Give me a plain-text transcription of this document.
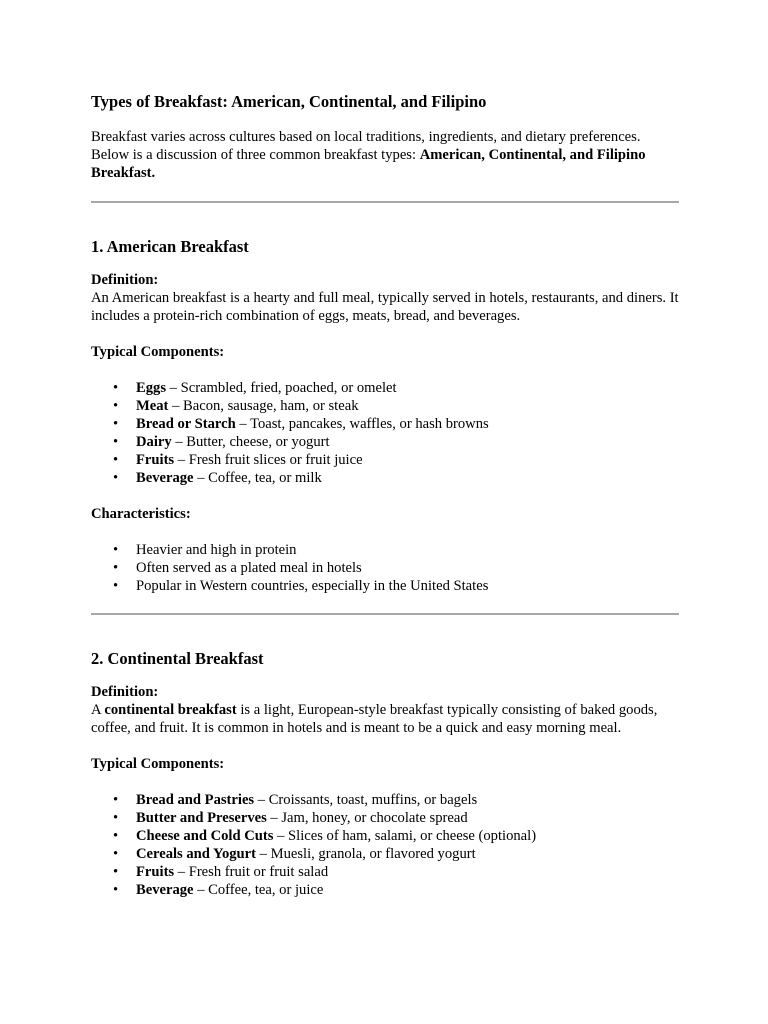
Types of Breakfast: American, Continental, and Filipino

Breakfast varies across cultures based on local traditions, ingredients, and dietary preferences. Below is a discussion of three common breakfast types: American, Continental, and Filipino Breakfast.

1. American Breakfast

Definition:

An American breakfast is a hearty and full meal, typically served in hotels, restaurants, and diners. It includes a protein-rich combination of eggs, meats, bread, and beverages.

Typical Components:

• Eggs – Scrambled, fried, poached, or omelet
• Meat – Bacon, sausage, ham, or steak
• Bread or Starch – Toast, pancakes, waffles, or hash browns
• Dairy – Butter, cheese, or yogurt
• Fruits – Fresh fruit slices or fruit juice
• Beverage – Coffee, tea, or milk

Characteristics:

• Heavier and high in protein
• Often served as a plated meal in hotels
• Popular in Western countries, especially in the United States
2. Continental Breakfast

Definition:

A continental breakfast is a light, European-style breakfast typically consisting of baked goods, coffee, and fruit. It is common in hotels and is meant to be a quick and easy morning meal.

Typical Components:

• Bread and Pastries – Croissants, toast, muffins, or bagels
• Butter and Preserves – Jam, honey, or chocolate spread
• Cheese and Cold Cuts – Slices of ham, salami, or cheese (optional)
• Cereals and Yogurt – Muesli, granola, or flavored yogurt
• Fruits – Fresh fruit or fruit salad
• Beverage – Coffee, tea, or juice
